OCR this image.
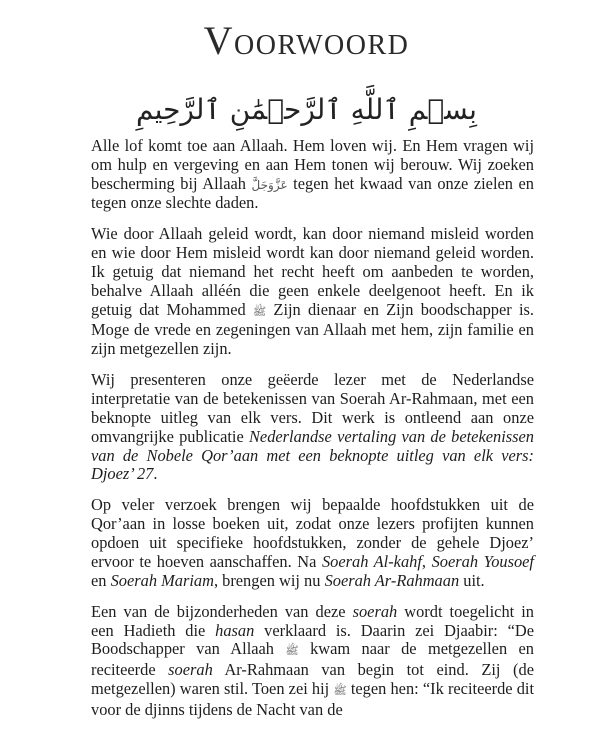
Voorwoord
بِسۡمِ ٱللَّهِ ٱلرَّحۡمَٰنِ ٱلرَّحِيمِ

Alle lof komt toe aan Allaah. Hem loven wij. En Hem vragen wij om hulp en vergeving en aan Hem tonen wij berouw. Wij zoeken bescherming bij Allaah عَزَّوَجَلَّ tegen het kwaad van onze zielen en tegen onze slechte daden.

Wie door Allaah geleid wordt, kan door niemand misleid worden en wie door Hem misleid wordt kan door niemand geleid worden. Ik getuig dat niemand het recht heeft om aanbeden te worden, behalve Allaah alléén die geen enkele deelgenoot heeft. En ik getuig dat Mohammed ﷺ Zijn dienaar en Zijn boodschapper is. Moge de vrede en zegeningen van Allaah met hem, zijn familie en zijn metgezellen zijn.

Wij presenteren onze geëerde lezer met de Nederlandse interpretatie van de betekenissen van Soerah Ar-Rahmaan, met een beknopte uitleg van elk vers. Dit werk is ontleend aan onze omvangrijke publicatie Nederlandse vertaling van de betekenissen van de Nobele Qor’aan met een beknopte uitleg van elk vers: Djoez’ 27.

Op veler verzoek brengen wij bepaalde hoofdstukken uit de Qor’aan in losse boeken uit, zodat onze lezers profijten kunnen opdoen uit specifieke hoofdstukken, zonder de gehele Djoez’ ervoor te hoeven aanschaffen. Na Soerah Al-kahf, Soerah Yousoef en Soerah Mariam, brengen wij nu Soerah Ar-Rahmaan uit.

Een van de bijzonderheden van deze soerah wordt toegelicht in een Hadieth die hasan verklaard is. Daarin zei Djaabir: “De Boodschapper van Allaah ﷺ kwam naar de metgezellen en reciteerde soerah Ar-Rahmaan van begin tot eind. Zij (de metgezellen) waren stil. Toen zei hij ﷺ tegen hen: “Ik reciteerde dit voor de djinns tijdens de Nacht van de
